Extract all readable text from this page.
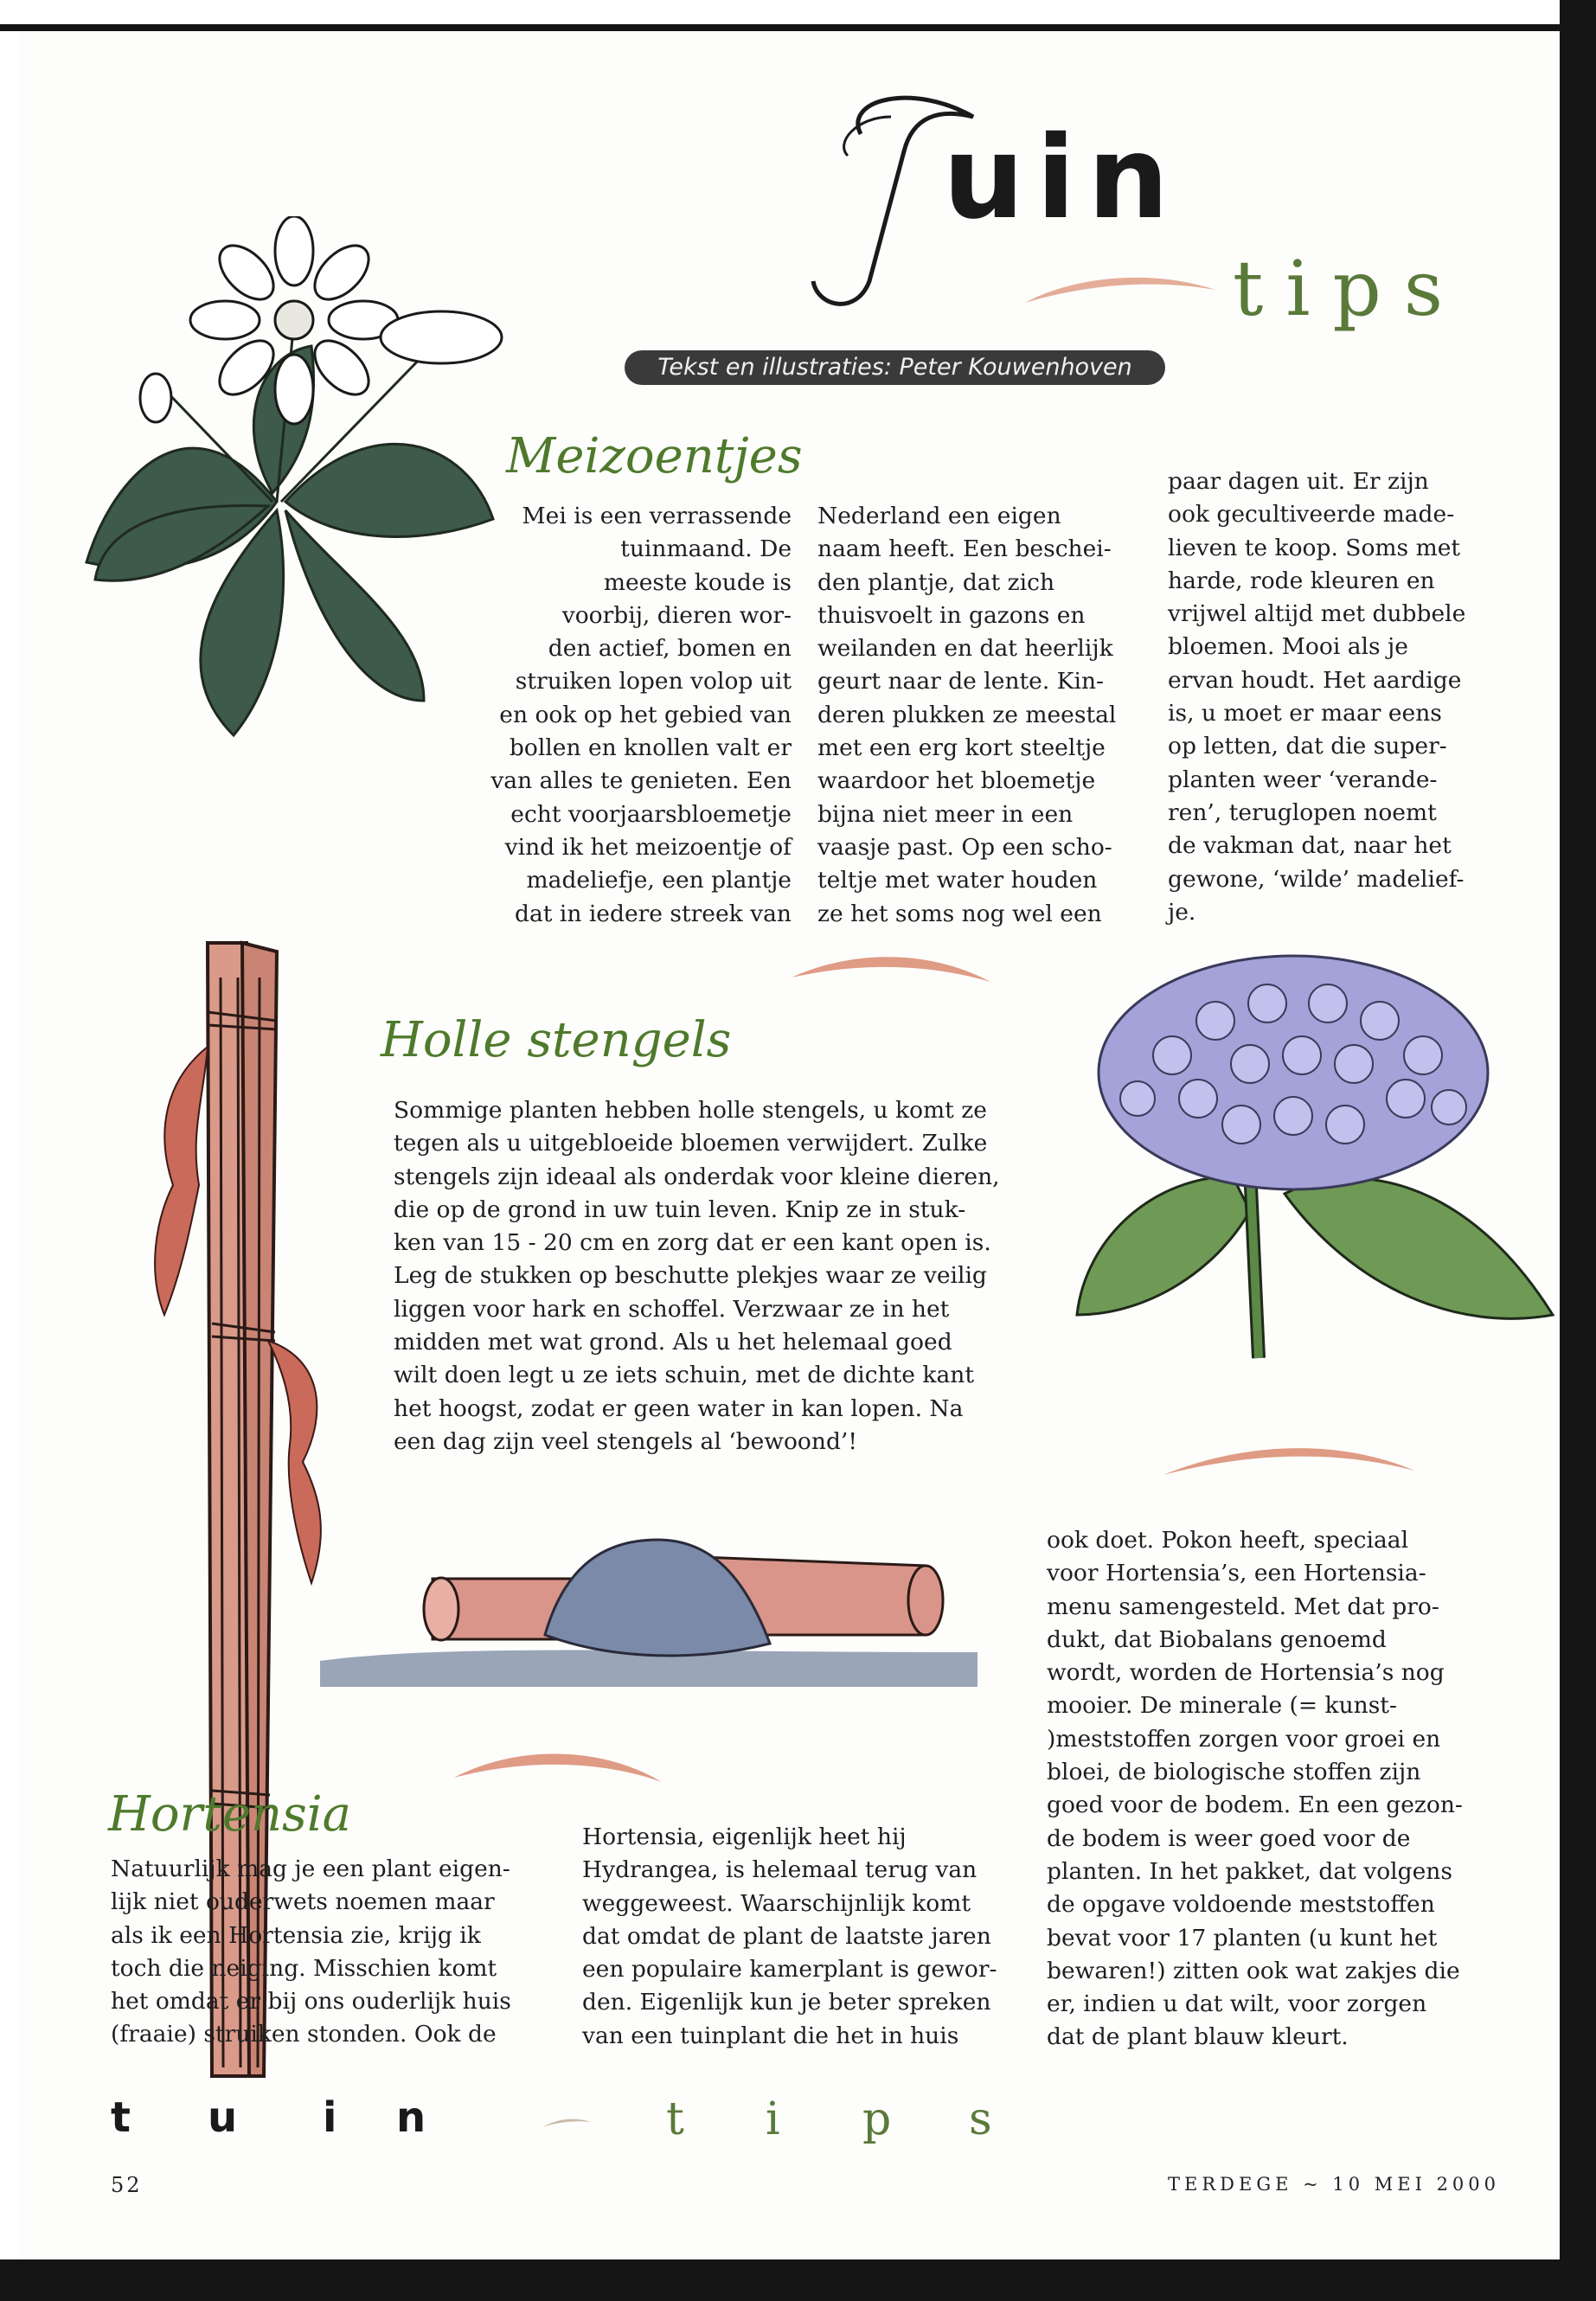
uin
tips
Tekst en illustraties: Peter Kouwenhoven
Meizoentjes

Mei is een verrassende

tuinmaand. De

meeste koude is

voorbij, dieren wor-

den actief, bomen en

struiken lopen volop uit

en ook op het gebied van

bollen en knollen valt er

van alles te genieten. Een

echt voorjaarsbloemetje

vind ik het meizoentje of

madeliefje, een plantje

dat in iedere streek van

Nederland een eigen

naam heeft. Een beschei-

den plantje, dat zich

thuisvoelt in gazons en

weilanden en dat heerlijk

geurt naar de lente. Kin-

deren plukken ze meestal

met een erg kort steeltje

waardoor het bloemetje

bijna niet meer in een

vaasje past. Op een scho-

teltje met water houden

ze het soms nog wel een

paar dagen uit. Er zijn

ook gecultiveerde made-

lieven te koop. Soms met

harde, rode kleuren en

vrijwel altijd met dubbele

bloemen. Mooi als je

ervan houdt. Het aardige

is, u moet er maar eens

op letten, dat die super-

planten weer ‘verande-

ren’, teruglopen noemt

de vakman dat, naar het

gewone, ‘wilde’ madelief-

je.

Holle stengels

Sommige planten hebben holle stengels, u komt ze

tegen als u uitgebloeide bloemen verwijdert. Zulke

stengels zijn ideaal als onderdak voor kleine dieren,

die op de grond in uw tuin leven. Knip ze in stuk-

ken van 15 - 20 cm en zorg dat er een kant open is.

Leg de stukken op beschutte plekjes waar ze veilig

liggen voor hark en schoffel. Verzwaar ze in het

midden met wat grond. Als u het helemaal goed

wilt doen legt u ze iets schuin, met de dichte kant

het hoogst, zodat er geen water in kan lopen. Na

een dag zijn veel stengels al ‘bewoond’!

Hortensia

Natuurlijk mag je een plant eigen-

lijk niet ouderwets noemen maar

als ik een Hortensia zie, krijg ik

toch die neiging. Misschien komt

het omdat er bij ons ouderlijk huis

(fraaie) struiken stonden. Ook de

Hortensia, eigenlijk heet hij

Hydrangea, is helemaal terug van

weggeweest. Waarschijnlijk komt

dat omdat de plant de laatste jaren

een populaire kamerplant is gewor-

den. Eigenlijk kun je beter spreken

van een tuinplant die het in huis

ook doet. Pokon heeft, speciaal

voor Hortensia’s, een Hortensia-

menu samengesteld. Met dat pro-

dukt, dat Biobalans genoemd

wordt, worden de Hortensia’s nog

mooier. De minerale (= kunst-

)meststoffen zorgen voor groei en

bloei, de biologische stoffen zijn

goed voor de bodem. En een gezon-

de bodem is weer goed voor de

planten. In het pakket, dat volgens

de opgave voldoende meststoffen

bevat voor 17 planten (u kunt het

bewaren!) zitten ook wat zakjes die

er, indien u dat wilt, voor zorgen

dat de plant blauw kleurt.

t u i n	t i p s
52	TERDEGE ~ 10 MEI 2000
